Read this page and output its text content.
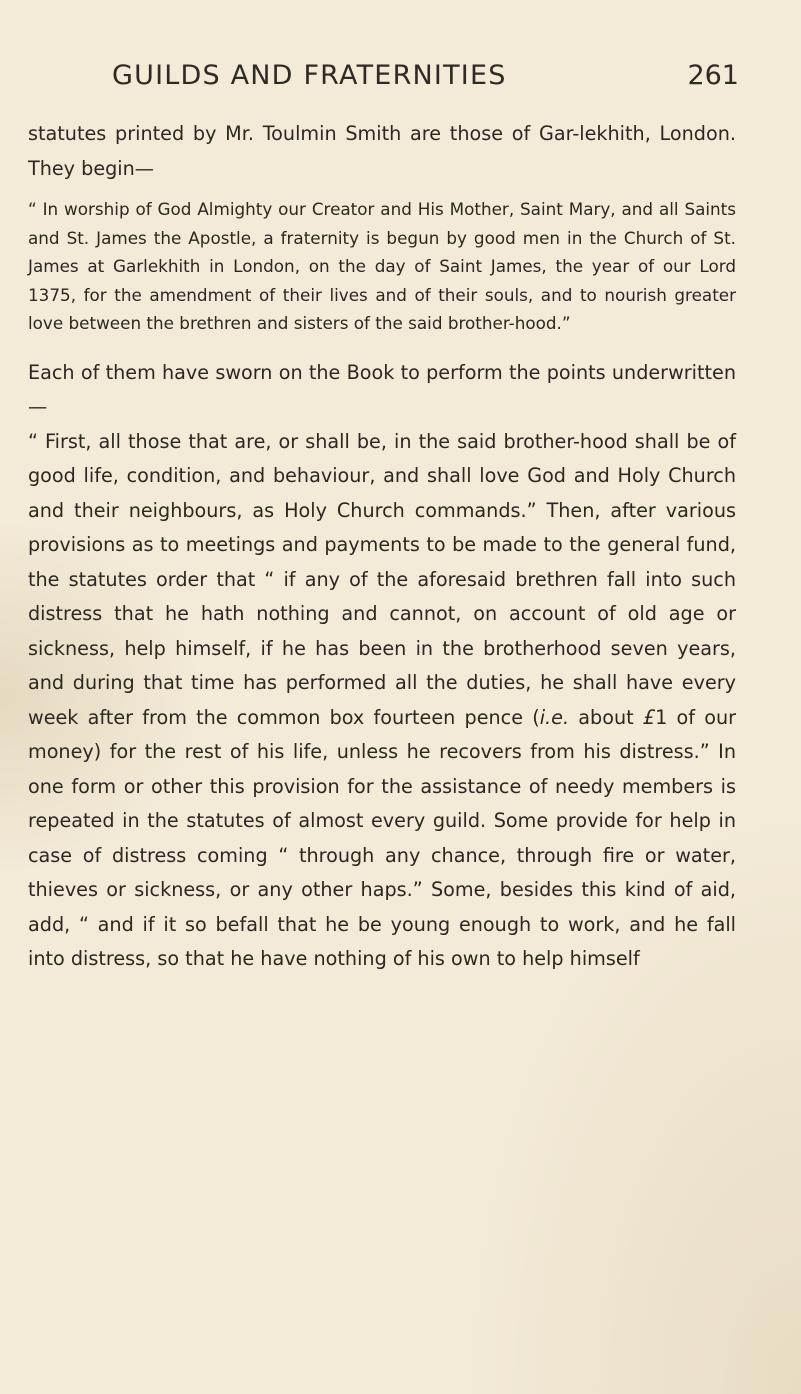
GUILDS AND FRATERNITIES	261

statutes printed by Mr. Toulmin Smith are those of Gar-lekhith, London. They begin—

“ In worship of God Almighty our Creator and His Mother, Saint Mary, and all Saints and St. James the Apostle, a fraternity is begun by good men in the Church of St. James at Garlekhith in London, on the day of Saint James, the year of our Lord 1375, for the amendment of their lives and of their souls, and to nourish greater love between the brethren and sisters of the said brother-hood.”

Each of them have sworn on the Book to perform the points underwritten—

“ First, all those that are, or shall be, in the said brother-hood shall be of good life, condition, and behaviour, and shall love God and Holy Church and their neighbours, as Holy Church commands.” Then, after various provisions as to meetings and payments to be made to the general fund, the statutes order that “ if any of the aforesaid brethren fall into such distress that he hath nothing and cannot, on account of old age or sickness, help himself, if he has been in the brotherhood seven years, and during that time has performed all the duties, he shall have every week after from the common box fourteen pence (i.e. about £1 of our money) for the rest of his life, unless he recovers from his distress.” In one form or other this provision for the assistance of needy members is repeated in the statutes of almost every guild. Some provide for help in case of distress coming “ through any chance, through fire or water, thieves or sickness, or any other haps.” Some, besides this kind of aid, add, “ and if it so befall that he be young enough to work, and he fall into distress, so that he have nothing of his own to help himself
